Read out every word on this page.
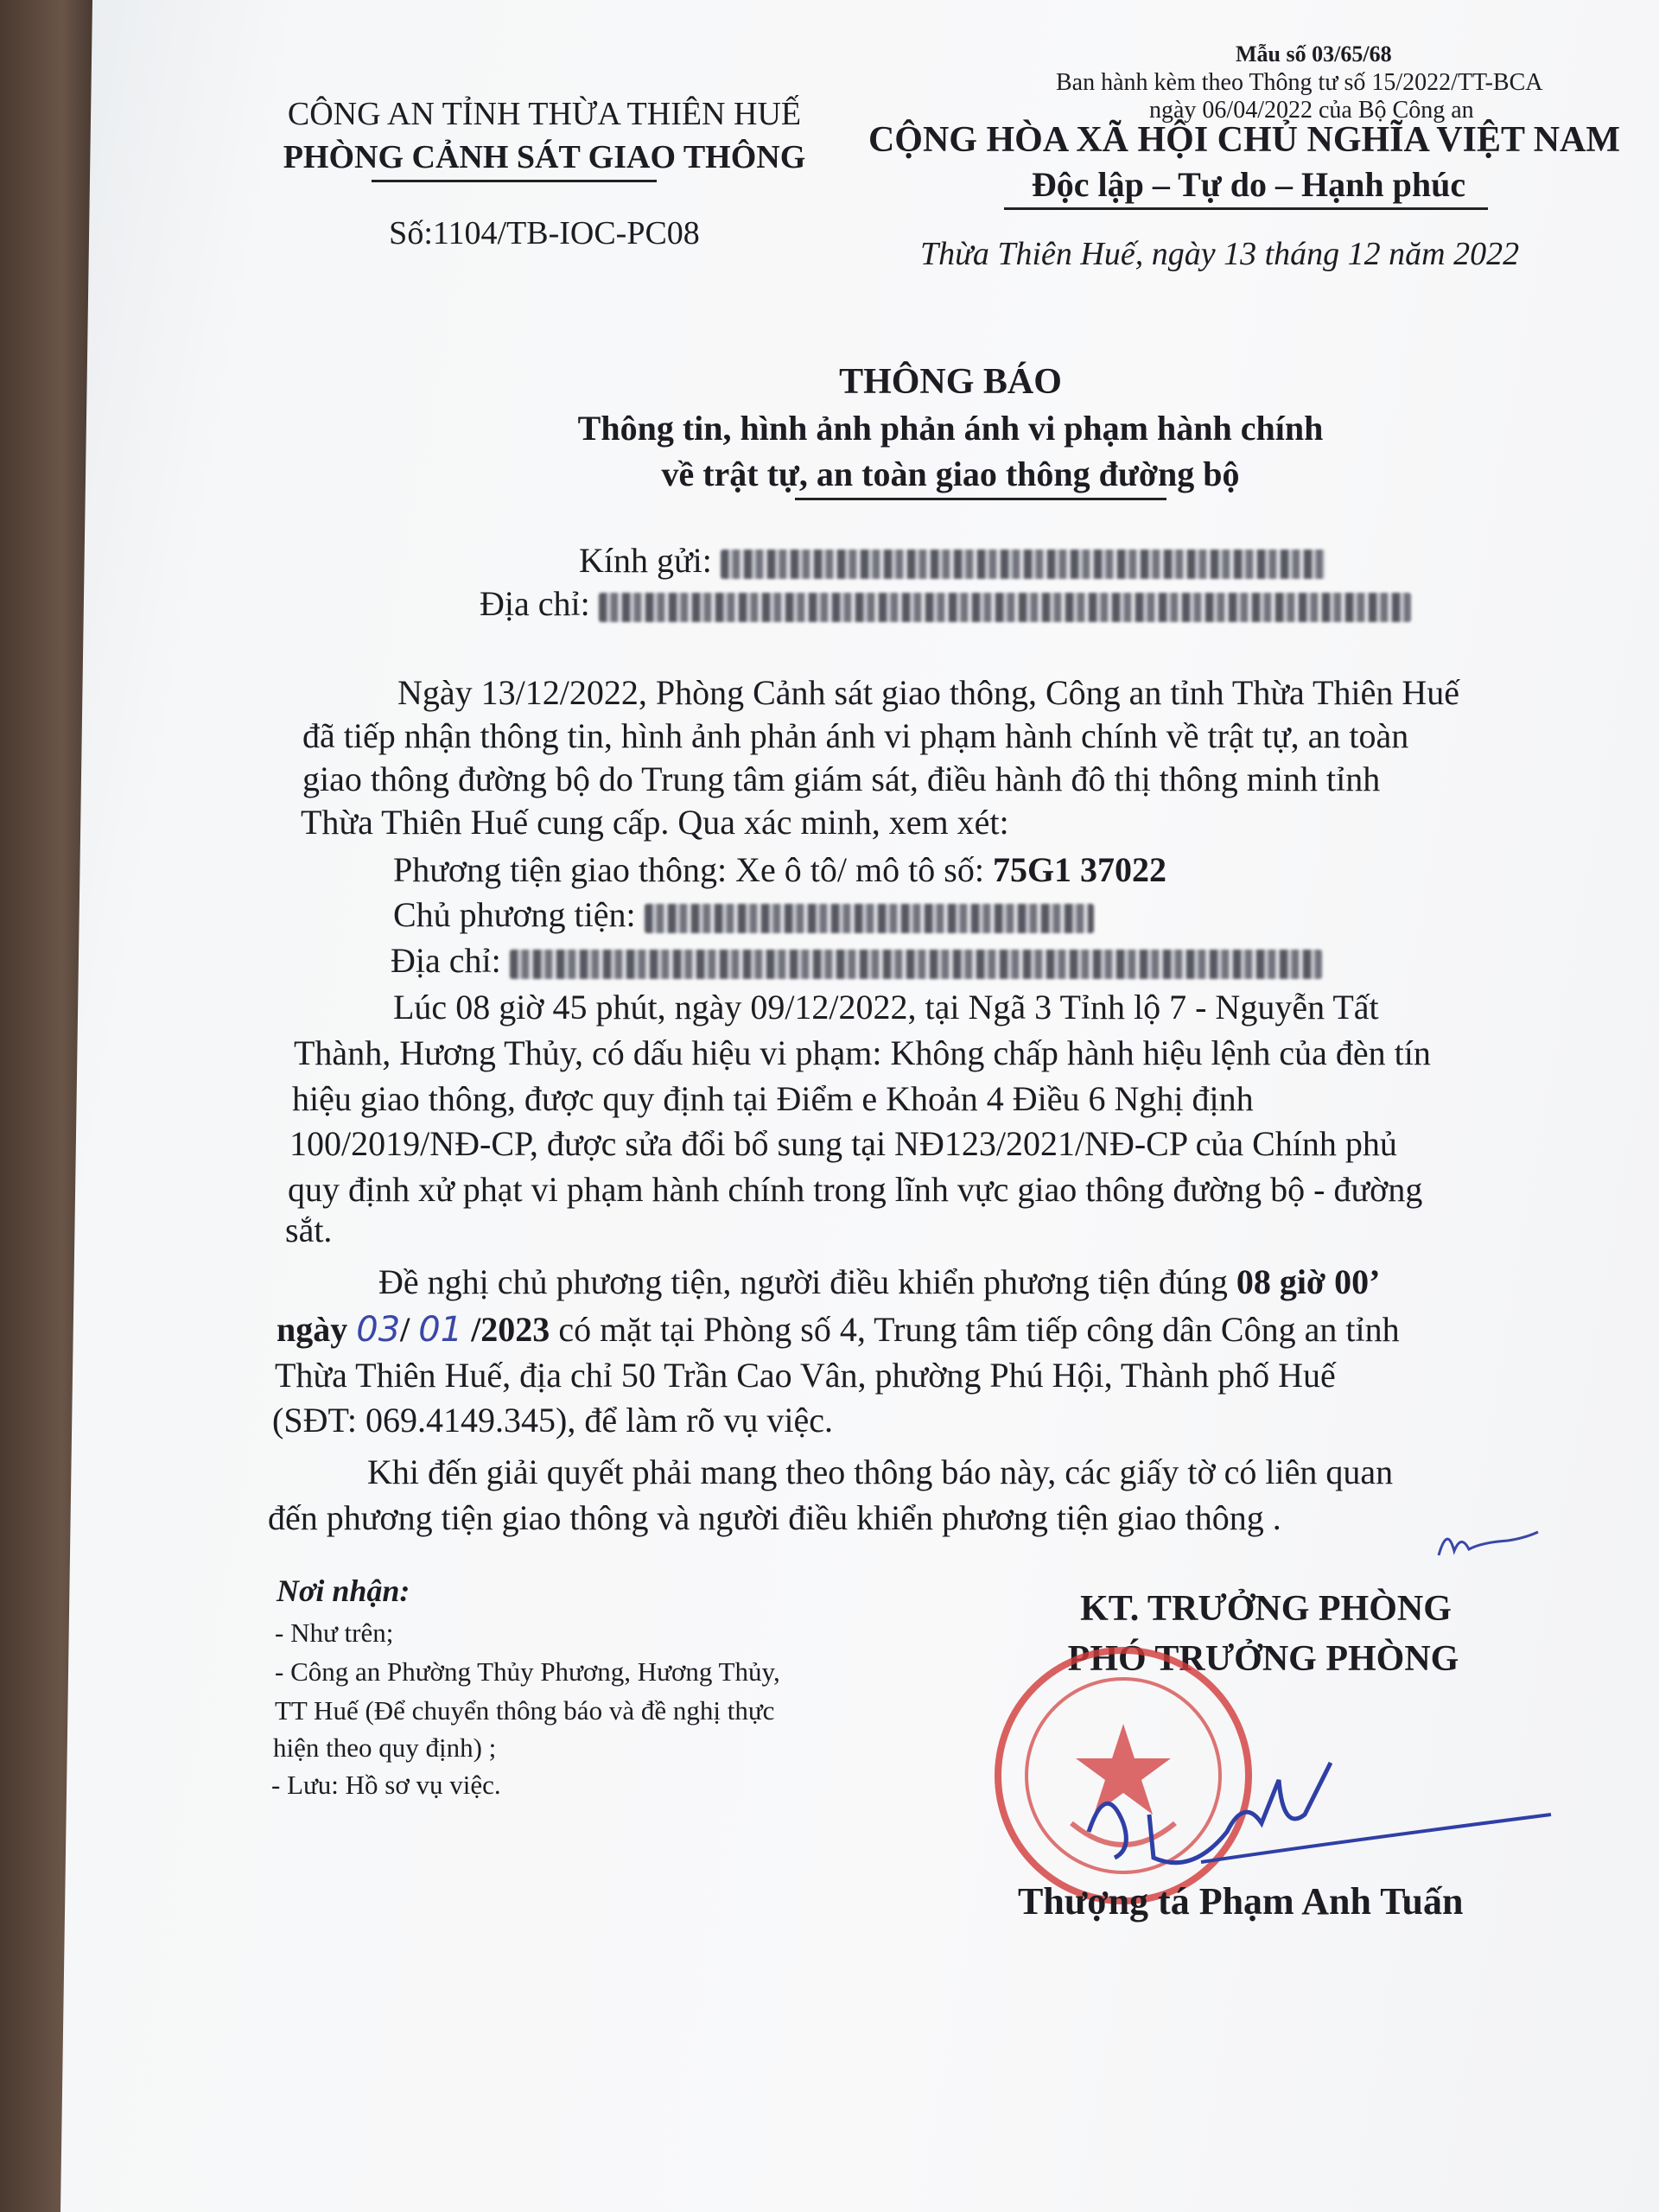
CÔNG AN TỈNH THỪA THIÊN HUẾ
PHÒNG CẢNH SÁT GIAO THÔNG
Số:1104/TB-IOC-PC08
Mẫu số 03/65/68
Ban hành kèm theo Thông tư số 15/2022/TT-BCA
ngày 06/04/2022 của Bộ Công an
CỘNG HÒA XÃ HỘI CHỦ NGHĨA VIỆT NAM
Độc lập – Tự do – Hạnh phúc
Thừa Thiên Huế, ngày 13 tháng 12 năm 2022
THÔNG BÁO
Thông tin, hình ảnh phản ánh vi phạm hành chính
về trật tự, an toàn giao thông đường bộ
Kính gửi:
Địa chỉ:
Ngày 13/12/2022, Phòng Cảnh sát giao thông, Công an tỉnh Thừa Thiên Huế
đã tiếp nhận thông tin, hình ảnh phản ánh vi phạm hành chính về trật tự, an toàn
giao thông đường bộ do Trung tâm giám sát, điều hành đô thị thông minh tỉnh
Thừa Thiên Huế cung cấp. Qua xác minh, xem xét:
Phương tiện giao thông: Xe ô tô/ mô tô số: 75G1 37022
Chủ phương tiện:
Địa chỉ:
Lúc 08 giờ 45 phút, ngày 09/12/2022, tại Ngã 3 Tỉnh lộ 7 - Nguyễn Tất
Thành, Hương Thủy, có dấu hiệu vi phạm: Không chấp hành hiệu lệnh của đèn tín
hiệu giao thông, được quy định tại Điểm e Khoản 4 Điều 6 Nghị định
100/2019/NĐ-CP, được sửa đổi bổ sung tại NĐ123/2021/NĐ-CP của Chính phủ
quy định xử phạt vi phạm hành chính trong lĩnh vực giao thông đường bộ - đường
sắt.
Đề nghị chủ phương tiện, người điều khiển phương tiện đúng 08 giờ 00’
ngày 03/ 01 /2023 có mặt tại Phòng số 4, Trung tâm tiếp công dân Công an tỉnh
Thừa Thiên Huế, địa chỉ 50 Trần Cao Vân, phường Phú Hội, Thành phố Huế
(SĐT: 069.4149.345), để làm rõ vụ việc.
Khi đến giải quyết phải mang theo thông báo này, các giấy tờ có liên quan
đến phương tiện giao thông và người điều khiển phương tiện giao thông .
Nơi nhận:
- Như trên;
- Công an Phường Thủy Phương, Hương Thủy,
TT Huế (Để chuyển thông báo và đề nghị thực
hiện theo quy định) ;
- Lưu: Hồ sơ vụ việc.
KT. TRƯỞNG PHÒNG
PHÓ TRƯỞNG PHÒNG
Thượng tá Phạm Anh Tuấn
